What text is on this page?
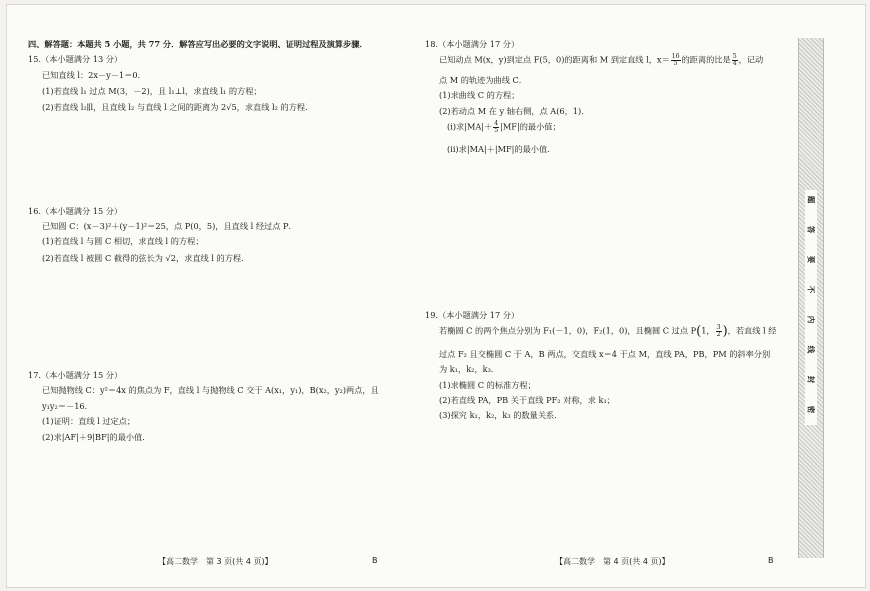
四、解答题：本题共 5 小题，共 77 分．解答应写出必要的文字说明、证明过程及演算步骤．
15.（本小题满分 13 分）
已知直线 l：2x－y－1＝0．
(1)若直线 l₁ 过点 M(3，－2)，且 l₁⊥l，求直线 l₁ 的方程；
(2)若直线 l₂∥l，且直线 l₂ 与直线 l 之间的距离为 2√5，求直线 l₂ 的方程．
16.（本小题满分 15 分）
已知圆 C：(x－3)²＋(y－1)²＝25，点 P(0，5)，且直线 l 经过点 P．
(1)若直线 l 与圆 C 相切，求直线 l 的方程；
(2)若直线 l 被圆 C 截得的弦长为 √2，求直线 l 的方程．
17.（本小题满分 15 分）
已知抛物线 C：y²＝4x 的焦点为 F，直线 l 与抛物线 C 交于 A(x₁，y₁)，B(x₂，y₂)两点，且
y₁y₂＝－16．
(1)证明：直线 l 过定点；
(2)求|AF|＋9|BF|的最小值．
【高二数学　第 3 页(共 4 页)】	B
18.（本小题满分 17 分）
已知动点 M(x，y)到定点 F(5，0)的距离和 M 到定直线 l，$x= \frac{16}{5}$ 的距离的比是 $\frac{5}{4}$ ，记动
点 M 的轨迹为曲线 C．
(1)求曲线 C 的方程；
(2)若动点 M 在 y 轴右侧，点 A(6，1)．
(i)求$|MA|+ \frac{4}{5} |MF|$的最小值；
(ii)求|MA|＋|MF|的最小值．
19.（本小题满分 17 分）
若椭圆 C 的两个焦点分别为 F₁(－1，0)，F₂(1，0)，且椭圆 C 过点 P(1， $\frac{3}{2}$ )，若直线 l 经
过点 F₂ 且交椭圆 C 于 A，B 两点，交直线 x＝4 于点 M，直线 PA，PB，PM 的斜率分别
为 k₁，k₂，k₃．
(1)求椭圆 C 的标准方程；
(2)若直线 PA，PB 关于直线 PF₂ 对称，求 k₁；
(3)探究 k₁，k₂，k₃ 的数量关系．
【高二数学　第 4 页(共 4 页)】	B
题
答
要
不
内
线
封
密
